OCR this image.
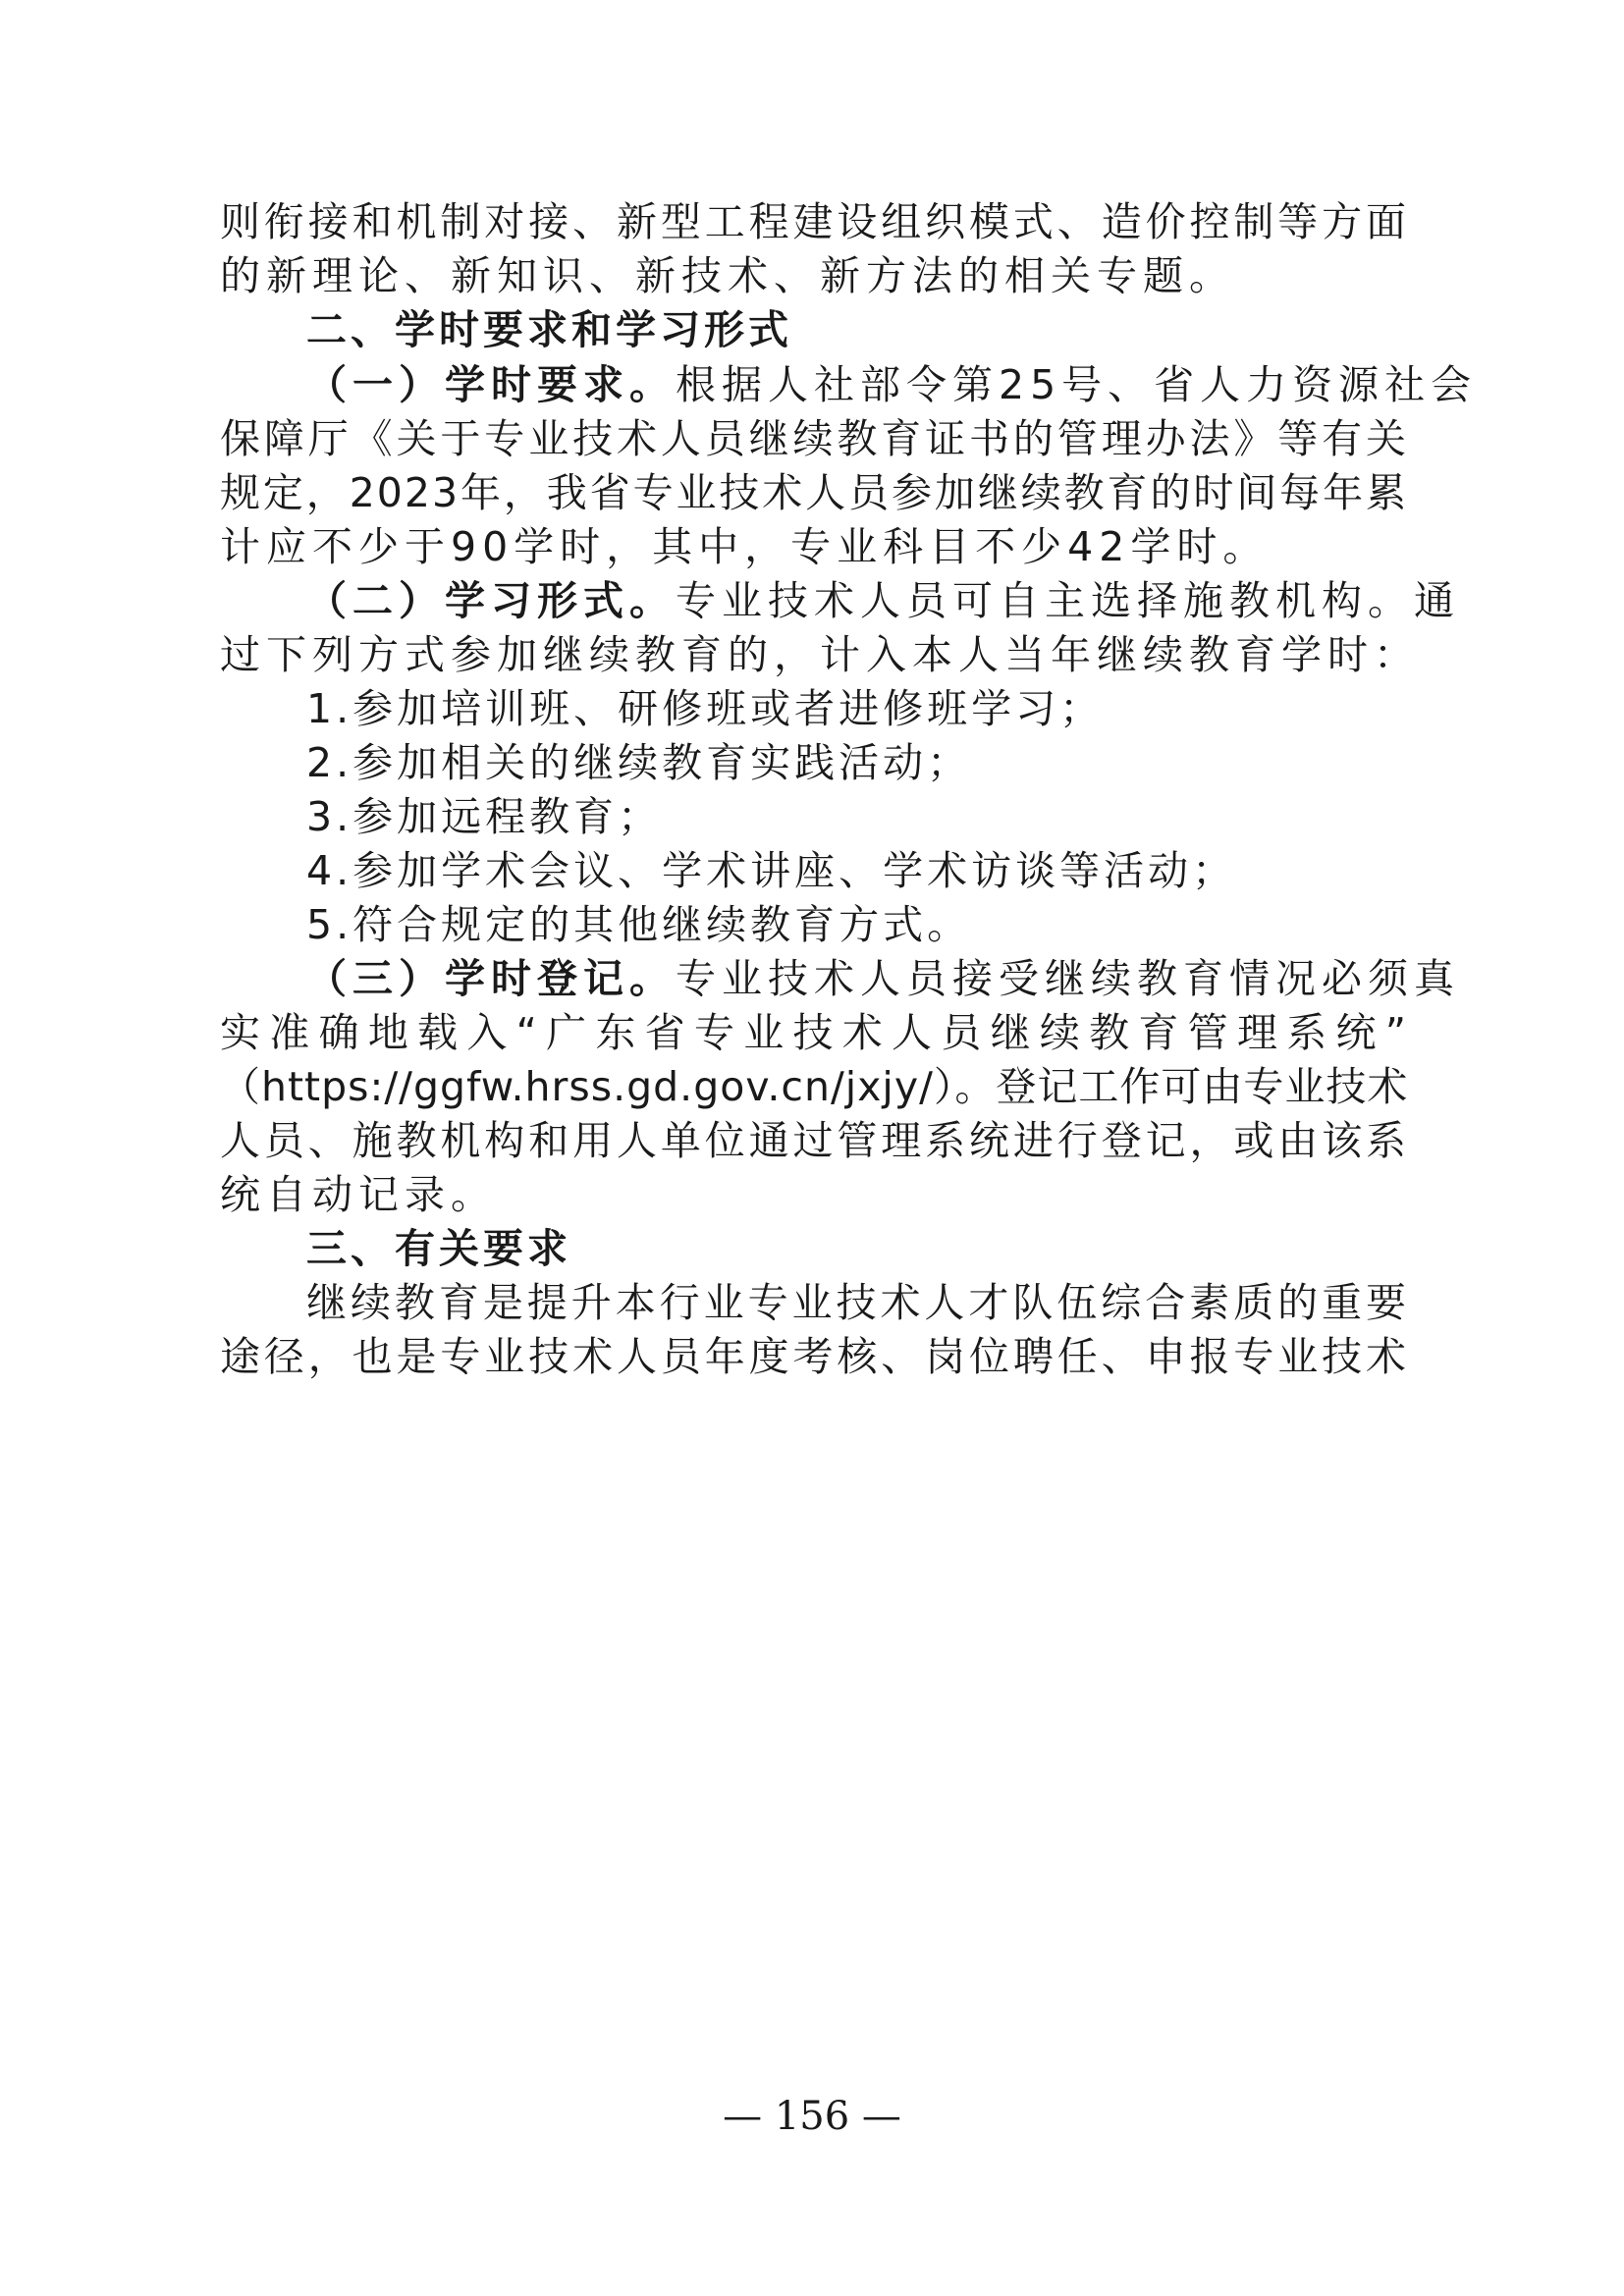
则衔接和机制对接、新型工程建设组织模式、造价控制等方面
的新理论、新知识、新技术、新方法的相关专题。
二、学时要求和学习形式
（一）学时要求。根据人社部令第25号、省人力资源社会
保障厅《关于专业技术人员继续教育证书的管理办法》等有关
规定，2023年，我省专业技术人员参加继续教育的时间每年累
计应不少于90学时，其中，专业科目不少42学时。
（二）学习形式。专业技术人员可自主选择施教机构。通
过下列方式参加继续教育的，计入本人当年继续教育学时：
1.参加培训班、研修班或者进修班学习；
2.参加相关的继续教育实践活动；
3.参加远程教育；
4.参加学术会议、学术讲座、学术访谈等活动；
5.符合规定的其他继续教育方式。
（三）学时登记。专业技术人员接受继续教育情况必须真
实准确地载入“广东省专业技术人员继续教育管理系统”
（https://ggfw.hrss.gd.gov.cn/jxjy/）。登记工作可由专业技术
人员、施教机构和用人单位通过管理系统进行登记，或由该系
统自动记录。
三、有关要求
继续教育是提升本行业专业技术人才队伍综合素质的重要
途径，也是专业技术人员年度考核、岗位聘任、申报专业技术
— 156 —
